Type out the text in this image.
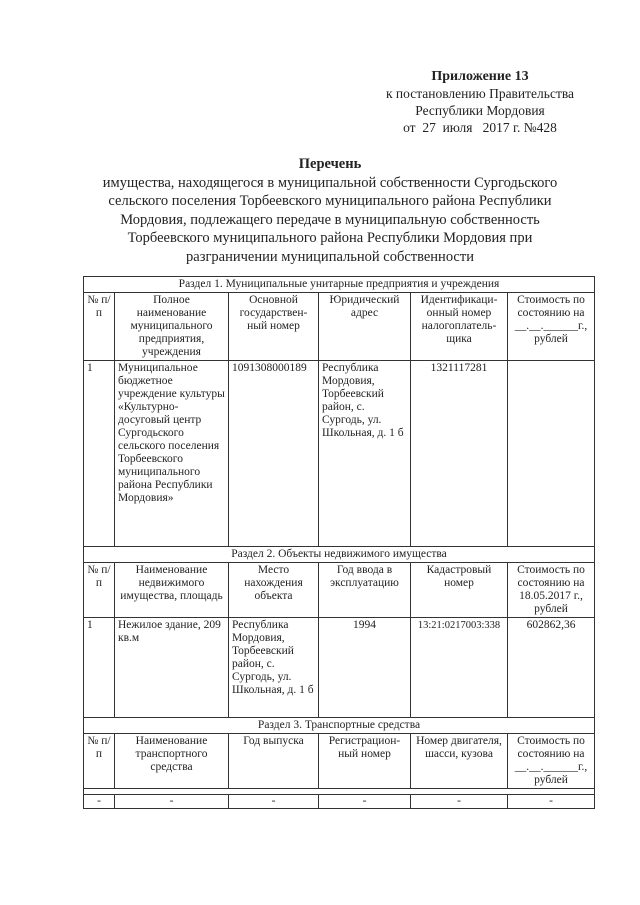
Приложение 13
к постановлению Правительства
Республики Мордовия
от  27  июля   2017 г. №428
Перечень
имущества, находящегося в муниципальной собственности Сургодьского
сельского поселения Торбеевского муниципального района Республики
Мордовия, подлежащего передаче в муниципальную собственность
Торбеевского муниципального района Республики Мордовия при
разграничении муниципальной собственности
Раздел 1. Муниципальные унитарные предприятия и учреждения					
№ п/п	Полное наименование муниципального предприятия, учреждения	Основной государствен-ный номер	Юридический адрес	Идентификаци-онный номер налогоплатель-щика	Стоимость по состоянию на __.__.______г., рублей
1	Муниципальное бюджетное учреждение культуры «Культурно-досуговый центр Сургодьского сельского поселения Торбеевского муниципального района Республики Мордовия»	1091308000189	Республика Мордовия, Торбеевский район, с. Сургодь, ул. Школьная, д. 1 б	1321117281	
Раздел 2. Объекты недвижимого имущества					
№ п/п	Наименование недвижимого имущества, площадь	Место нахождения объекта	Год ввода в эксплуатацию	Кадастровый номер	Стоимость по состоянию на 18.05.2017 г., рублей
1	Нежилое здание, 209 кв.м	Республика Мордовия, Торбеевский район, с. Сургодь, ул. Школьная, д. 1 б	1994	13:21:0217003:338	602862,36
Раздел 3. Транспортные средства					
№ п/п	Наименование транспортного средства	Год выпуска	Регистрацион-ный номер	Номер двигателя, шасси, кузова	Стоимость по состоянию на __.__.______г., рублей

-	-	-	-	-	-
